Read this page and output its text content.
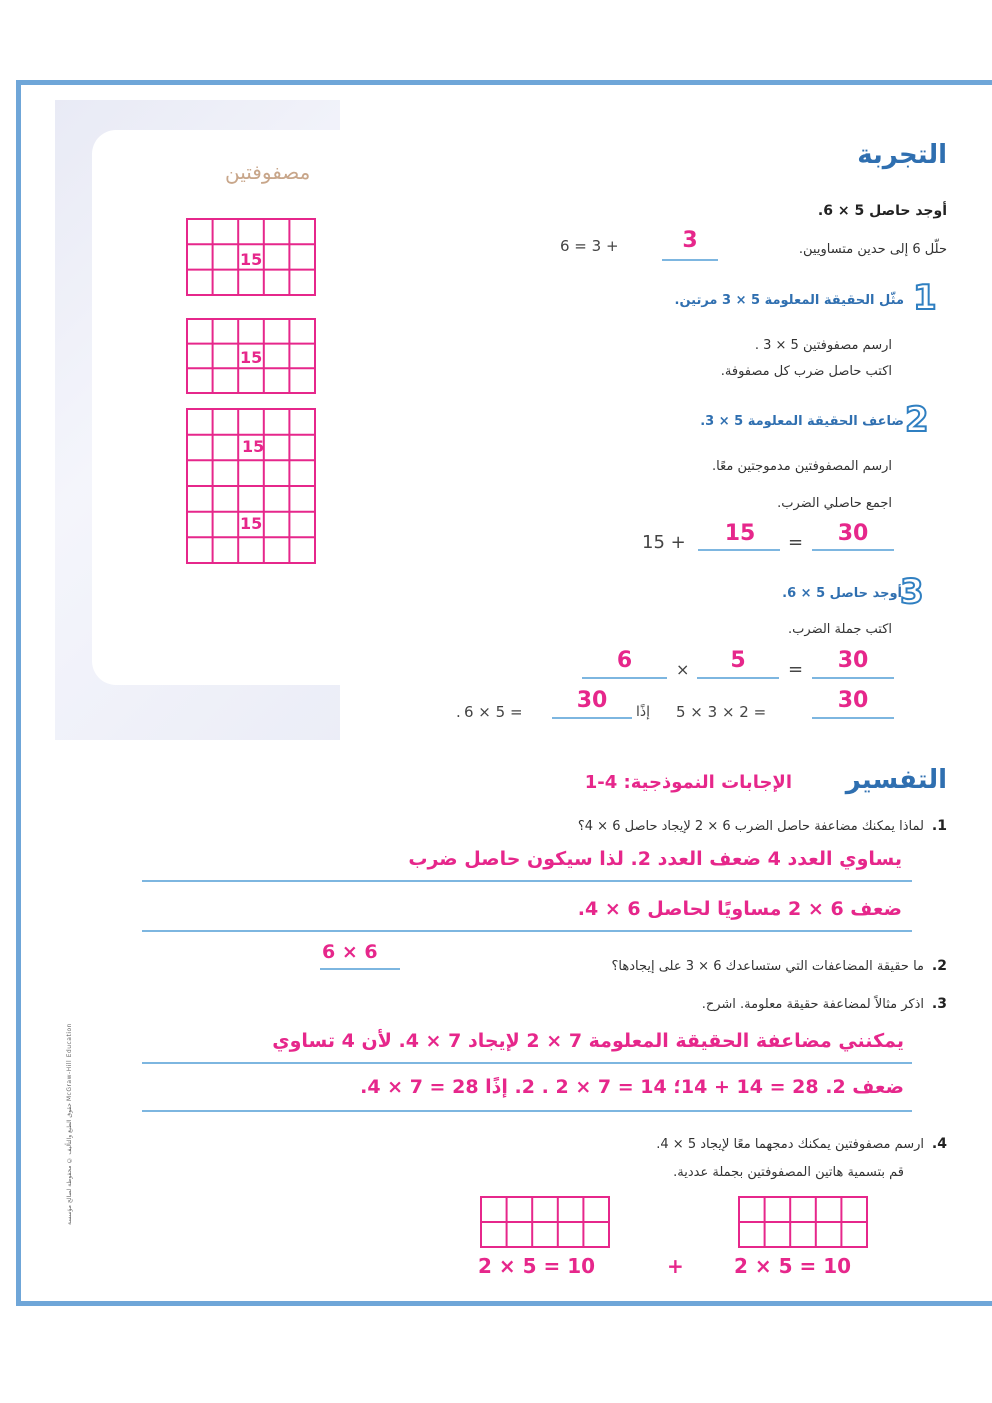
مصفوفتين
15
15
15
15
التجربة
أوجد حاصل 5 × 6.
حلّل 6 إلى حدين متساويين.
6 = 3 +	3
1
مثّل الحقيقة المعلومة 5 × 3 مرتين.
ارسم مصفوفتين 5 × 3 .
اكتب حاصل ضرب كل مصفوفة.
2
ضاعف الحقيقة المعلومة 5 × 3.
ارسم المصفوفتين مدموجتين معًا.
اجمع حاصلي الضرب.
15 +	15	=	30
3
أوجد حاصل 5 × 6.
اكتب جملة الضرب.
6	×	5	=	30
6 × 5 =	30	إذًا 5 × 3 × 2 =	30
.
التفسير
الإجابات النموذجية: 4-1
1.
لماذا يمكنك مضاعفة حاصل الضرب 6 × 2 لإيجاد حاصل 6 × 4؟
يساوي العدد 4 ضعف العدد 2. لذا سيكون حاصل ضرب
ضعف 6 × 2 مساويًا لحاصل 6 × 4.
2.
ما حقيقة المضاعفات التي ستساعدك 6 × 3 على إيجادها؟
6 × 6
3.
اذكر مثالاً لمضاعفة حقيقة معلومة. اشرح.
يمكنني مضاعفة الحقيقة المعلومة 7 × 2 لإيجاد 7 × 4. لأن 4 تساوي
ضعف 2. 28 = 14 + 14؛ 14 = 7 × 2 . 2. إذًا 28 = 7 × 4.
4.
ارسم مصفوفتين يمكنك دمجهما معًا لإيجاد 5 × 4.
قم بتسمية هاتين المصفوفتين بجملة عددية.
2 × 5 = 10	+	2 × 5 = 10
حقوق الطبع والتأليف © محفوظة لصالح مؤسسة McGraw-Hill Education
